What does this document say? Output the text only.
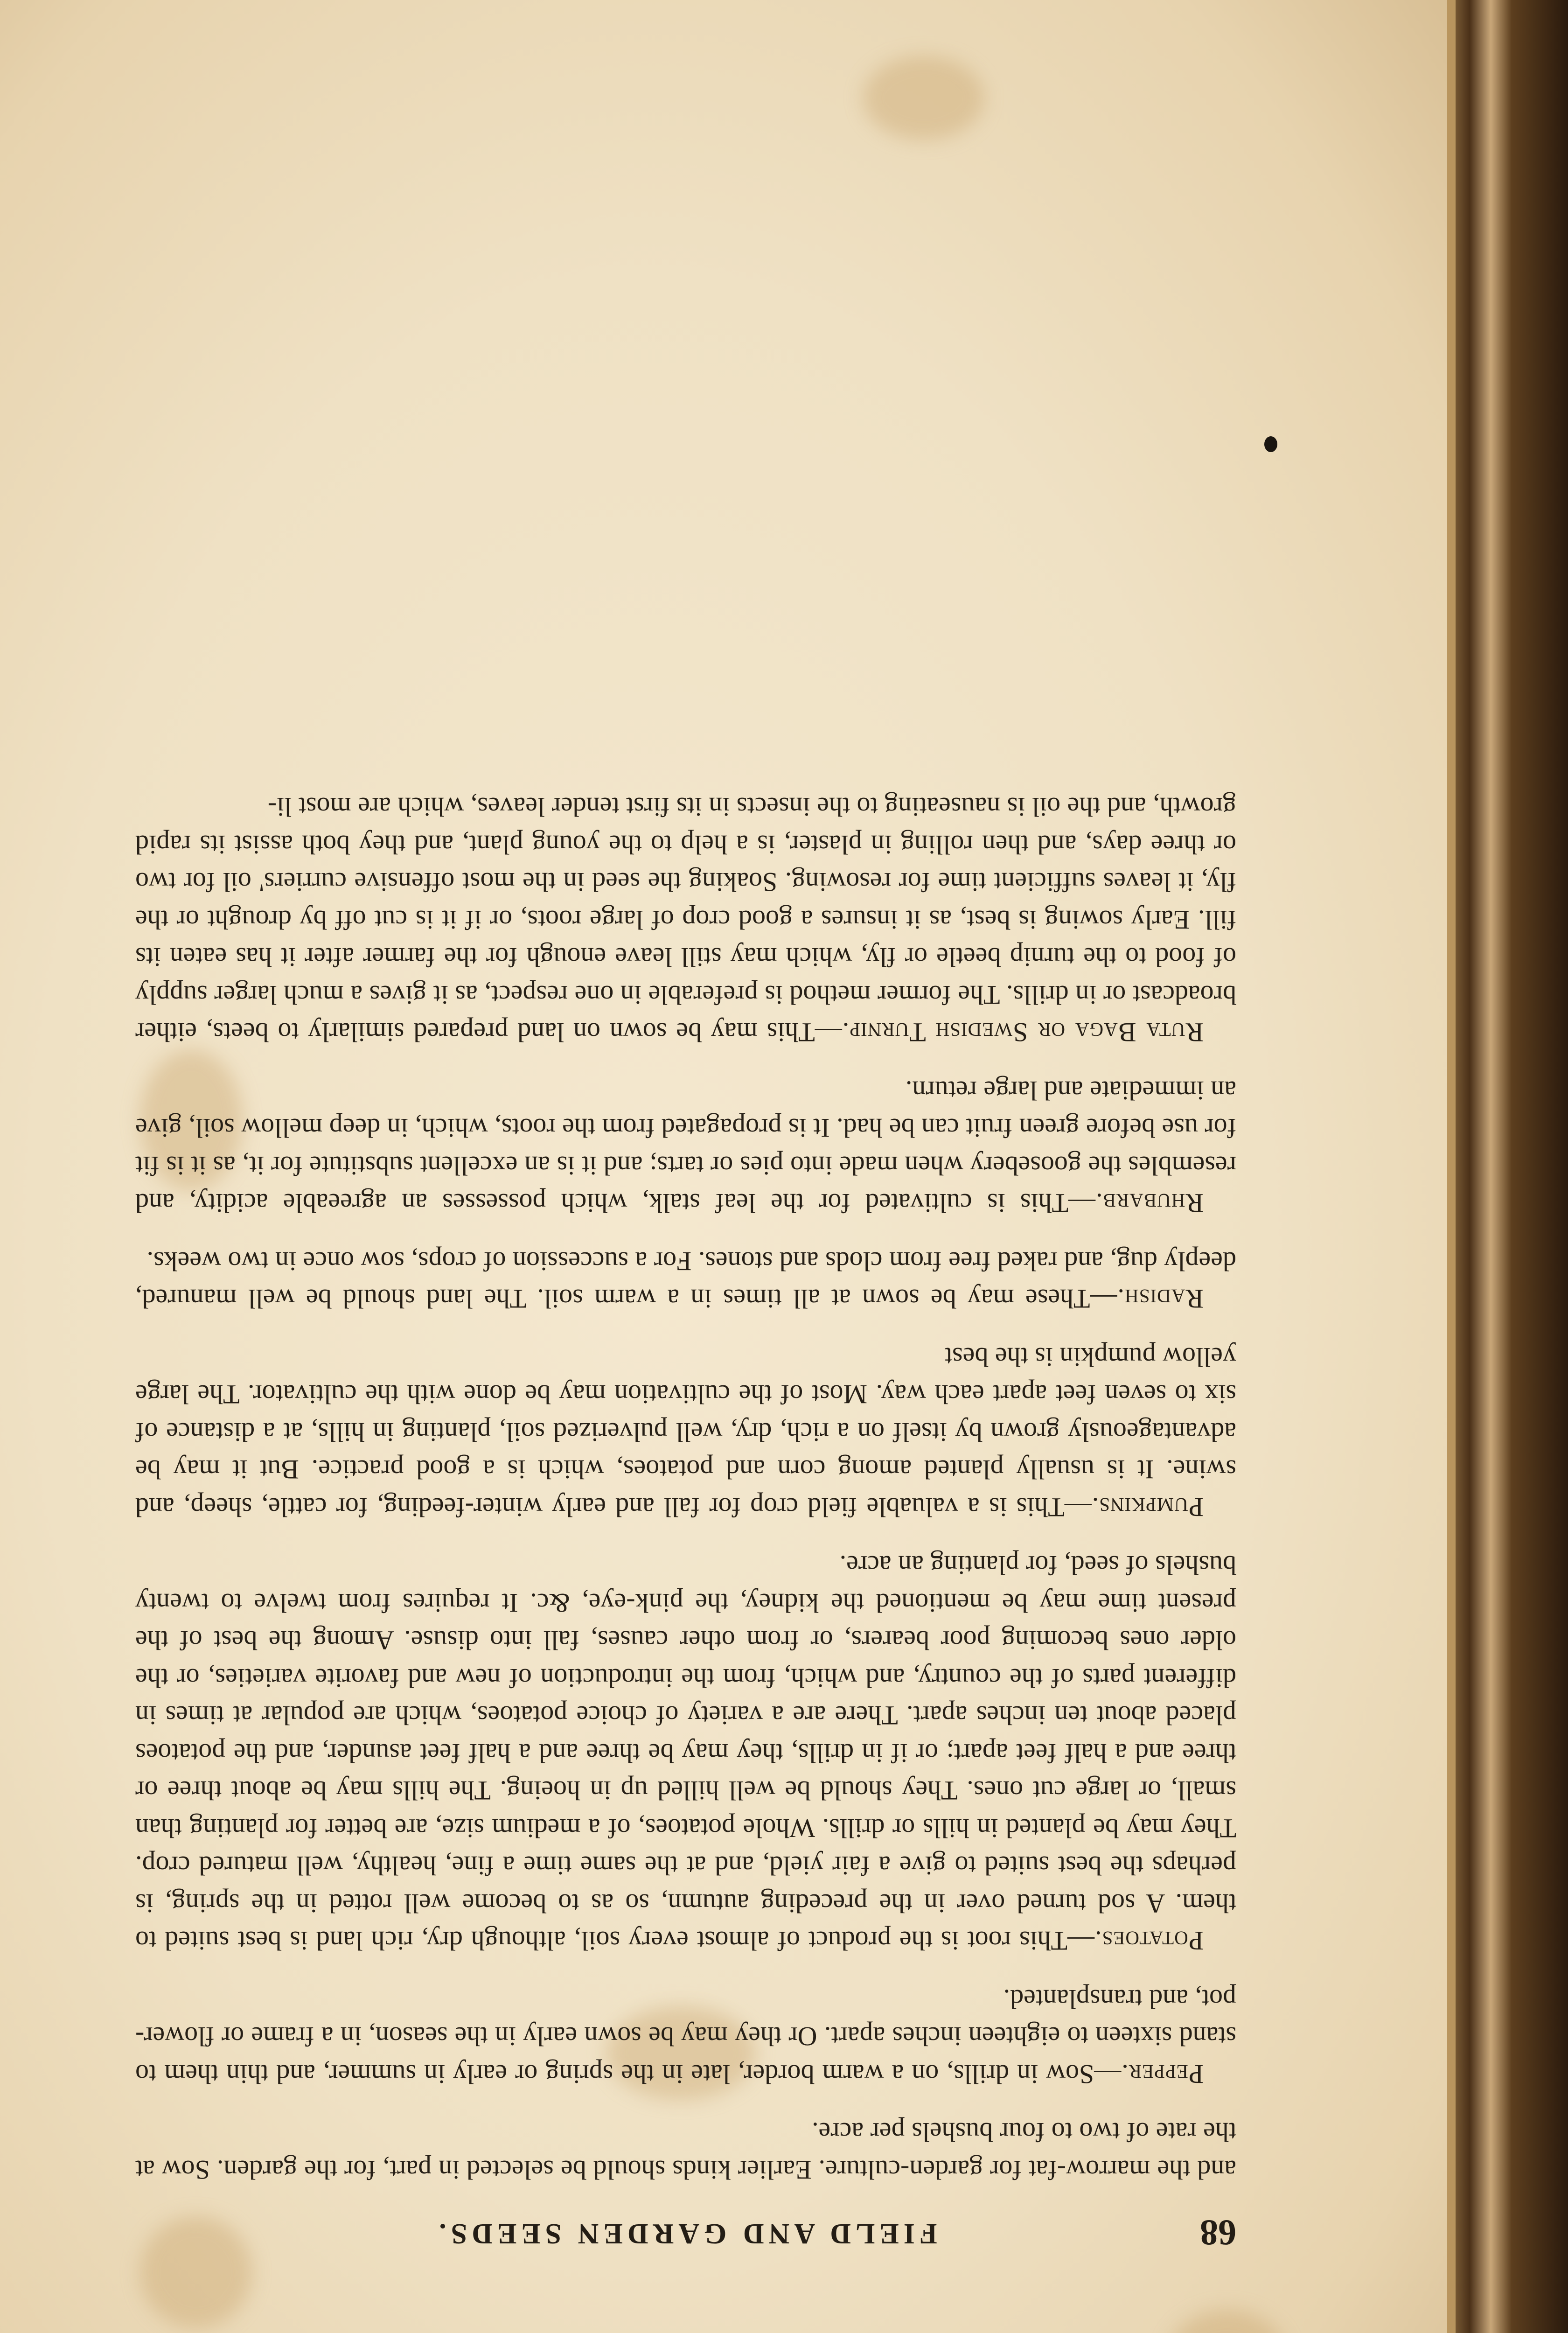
68
FIELD AND GARDEN SEEDS.

and the marrow-fat for garden-culture. Earlier kinds should be selected in part, for the garden. Sow at the rate of two to four bushels per acre.

Pepper.—Sow in drills, on a warm border, late in the spring or early in summer, and thin them to stand sixteen to eighteen inches apart. Or they may be sown early in the season, in a frame or flower-pot, and transplanted.

Potatoes.—This root is the product of almost every soil, although dry, rich land is best suited to them. A sod turned over in the preceding autumn, so as to become well rotted in the spring, is perhaps the best suited to give a fair yield, and at the same time a fine, healthy, well matured crop. They may be planted in hills or drills. Whole potatoes, of a medium size, are better for planting than small, or large cut ones. They should be well hilled up in hoeing. The hills may be about three or three and a half feet apart; or if in drills, they may be three and a half feet asunder, and the potatoes placed about ten inches apart. There are a variety of choice potatoes, which are popular at times in different parts of the country, and which, from the introduction of new and favorite varieties, or the older ones becoming poor bearers, or from other causes, fall into disuse. Among the best of the present time may be mentioned the kidney, the pink-eye, &c. It requires from twelve to twenty bushels of seed, for planting an acre.

Pumpkins.—This is a valuable field crop for fall and early winter-feeding, for cattle, sheep, and swine. It is usually planted among corn and potatoes, which is a good practice. But it may be advantageously grown by itself on a rich, dry, well pulverized soil, planting in hills, at a distance of six to seven feet apart each way. Most of the cultivation may be done with the cultivator. The large yellow pumpkin is the best

Radish.—These may be sown at all times in a warm soil. The land should be well manured, deeply dug, and raked free from clods and stones. For a succession of crops, sow once in two weeks.

Rhubarb.—This is cultivated for the leaf stalk, which possesses an agreeable acidity, and resembles the goosebery when made into pies or tarts; and it is an excellent substitute for it, as it is fit for use before green fruit can be had. It is propagated from the roots, which, in deep mellow soil, give an immediate and large return.

Ruta Baga or Swedish Turnip.—This may be sown on land prepared similarly to beets, either broadcast or in drills. The former method is preferable in one respect, as it gives a much larger supply of food to the turnip beetle or fly, which may still leave enough for the farmer after it has eaten its fill. Early sowing is best, as it insures a good crop of large roots, or if it is cut off by drought or the fly, it leaves sufficient time for resowing. Soaking the seed in the most offensive curriers' oil for two or three days, and then rolling in plaster, is a help to the young plant, and they both assist its rapid growth, and the oil is nauseating to the insects in its first tender leaves, which are most li-
